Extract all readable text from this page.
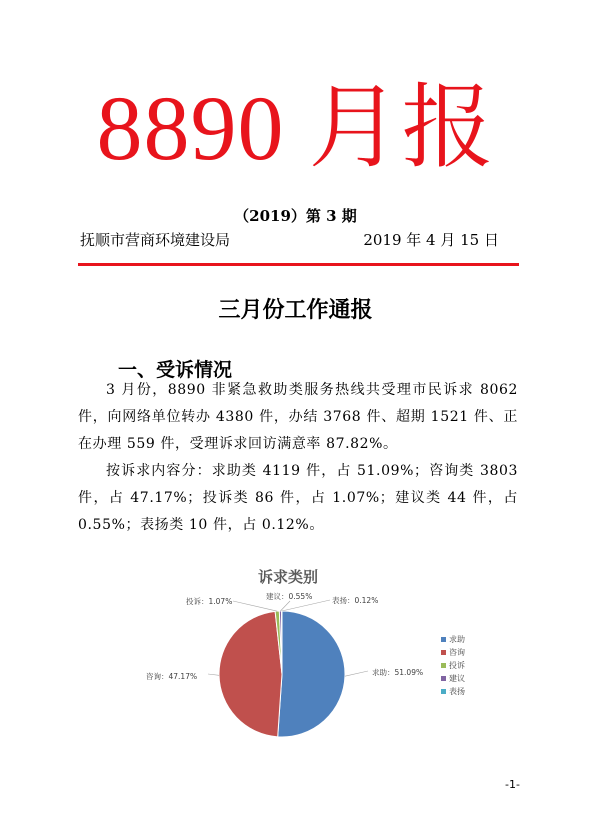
8890 月报
（2019）第 3 期
抚顺市营商环境建设局	2019 年 4 月 15 日
三月份工作通报
一、受诉情况
3 月份，8890 非紧急救助类服务热线共受理市民诉求 8062 件，向网络单位转办 4380 件，办结 3768 件、超期 1521 件、正在办理 559 件，受理诉求回访满意率 87.82%。
按诉求内容分：求助类 4119 件，占 51.09%；咨询类 3803 件，占 47.17%；投诉类 86 件，占 1.07%；建议类 44 件，占 0.55%；表扬类 10 件，占 0.12%。
诉求类别
求助：51.09%
咨询：47.17%
投诉：1.07%
建议：0.55%	表扬：0.12%
求助
咨询
投诉
建议
表扬
-1-
